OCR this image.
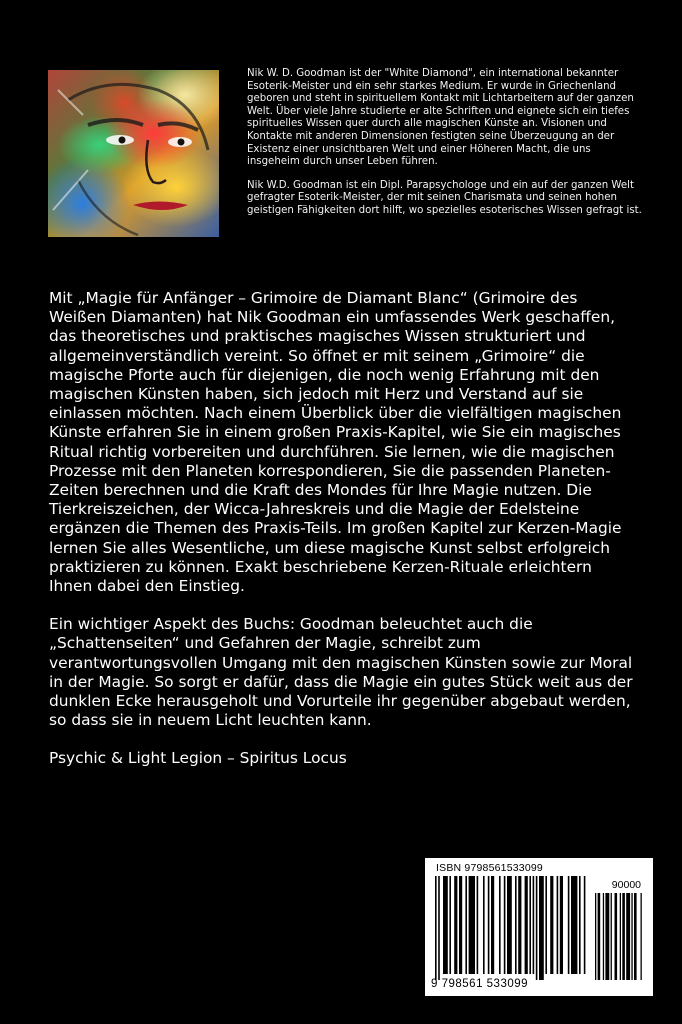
Nik W. D. Goodman ist der "White Diamond", ein international bekannter Esoterik-Meister und ein sehr starkes Medium. Er wurde in Griechenland geboren und steht in spirituellem Kontakt mit Lichtarbeitern auf der ganzen Welt. Über viele Jahre studierte er alte Schriften und eignete sich ein tiefes spirituelles Wissen quer durch alle magischen Künste an. Visionen und Kontakte mit anderen Dimensionen festigten seine Überzeugung an der Existenz einer unsichtbaren Welt und einer Höheren Macht, die uns insgeheim durch unser Leben führen.

Nik W.D. Goodman ist ein Dipl. Parapsychologe und ein auf der ganzen Welt gefragter Esoterik-Meister, der mit seinen Charismata und seinen hohen geistigen Fähigkeiten dort hilft, wo spezielles esoterisches Wissen gefragt ist.

Mit „Magie für Anfänger – Grimoire de Diamant Blanc“ (Grimoire des Weißen Diamanten) hat Nik Goodman ein umfassendes Werk geschaffen, das theoretisches und praktisches magisches Wissen strukturiert und allgemeinverständlich vereint. So öffnet er mit seinem „Grimoire“ die magische Pforte auch für diejenigen, die noch wenig Erfahrung mit den magischen Künsten haben, sich jedoch mit Herz und Verstand auf sie einlassen möchten. Nach einem Überblick über die vielfältigen magischen Künste erfahren Sie in einem großen Praxis-Kapitel, wie Sie ein magisches Ritual richtig vorbereiten und durchführen. Sie lernen, wie die magischen Prozesse mit den Planeten korrespondieren, Sie die passenden Planeten-Zeiten berechnen und die Kraft des Mondes für Ihre Magie nutzen. Die Tierkreiszeichen, der Wicca-Jahreskreis und die Magie der Edelsteine ergänzen die Themen des Praxis-Teils. Im großen Kapitel zur Kerzen-Magie lernen Sie alles Wesentliche, um diese magische Kunst selbst erfolgreich praktizieren zu können. Exakt beschriebene Kerzen-Rituale erleichtern Ihnen dabei den Einstieg.

Ein wichtiger Aspekt des Buchs: Goodman beleuchtet auch die „Schattenseiten“ und Gefahren der Magie, schreibt zum verantwortungsvollen Umgang mit den magischen Künsten sowie zur Moral in der Magie. So sorgt er dafür, dass die Magie ein gutes Stück weit aus der dunklen Ecke herausgeholt und Vorurteile ihr gegenüber abgebaut werden, so dass sie in neuem Licht leuchten kann.

Psychic & Light Legion – Spiritus Locus

ISBN 9798561533099
90000
9 798561 533099
